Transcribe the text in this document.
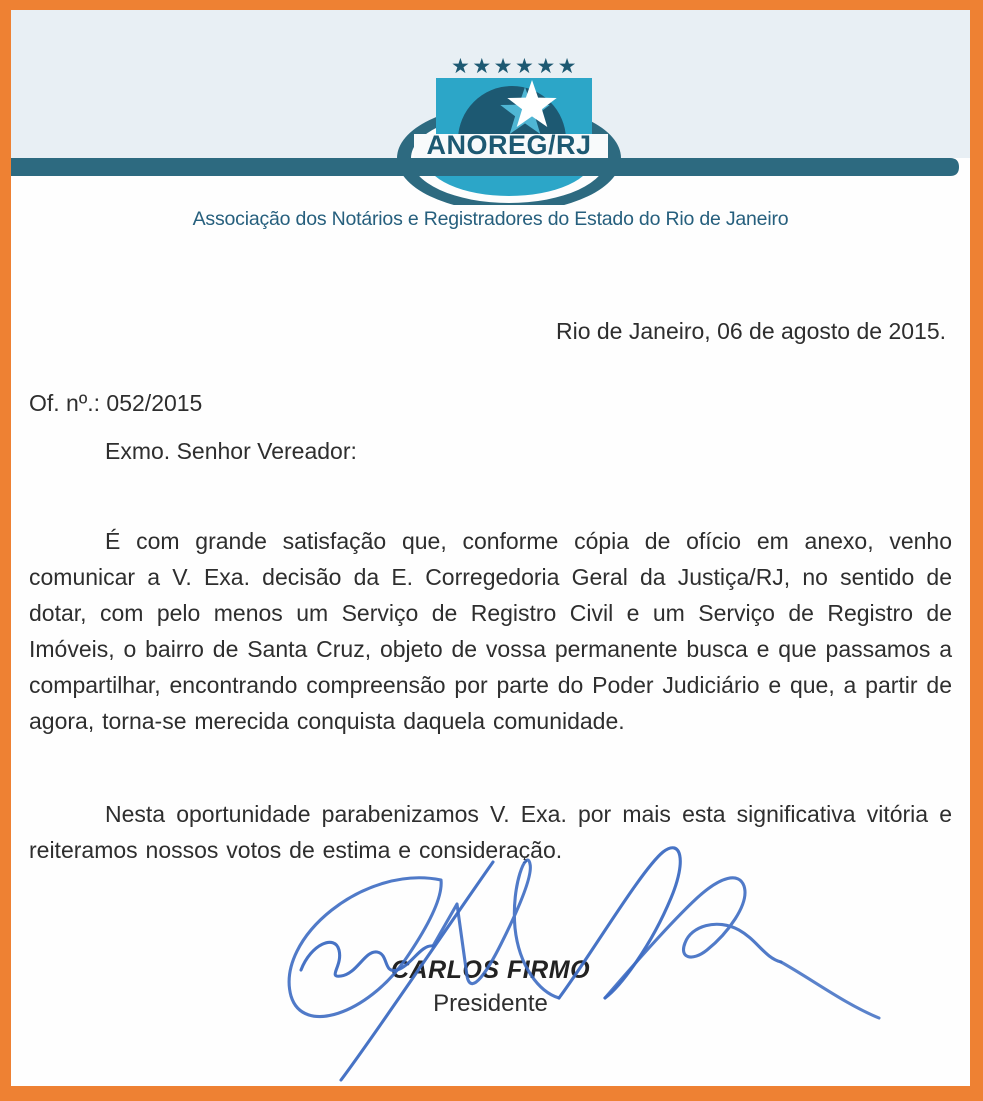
★★★★★★
ANOREG/RJ
Associação dos Notários e Registradores do Estado do Rio de Janeiro
Rio de Janeiro, 06 de agosto de 2015.
Of. nº.: 052/2015
Exmo. Senhor Vereador:

É com grande satisfação que, conforme cópia de ofício em anexo, venho comunicar a V. Exa. decisão da E. Corregedoria Geral da Justiça/RJ, no sentido de dotar, com pelo menos um Serviço de Registro Civil e um Serviço de Registro de Imóveis, o bairro de Santa Cruz, objeto de vossa permanente busca e que passamos a compartilhar, encontrando compreensão por parte do Poder Judiciário e que, a partir de agora, torna-se merecida conquista daquela comunidade.

Nesta oportunidade parabenizamos V. Exa. por mais esta significativa vitória e reiteramos nossos votos de estima e consideração.

CARLOS FIRMO
Presidente
